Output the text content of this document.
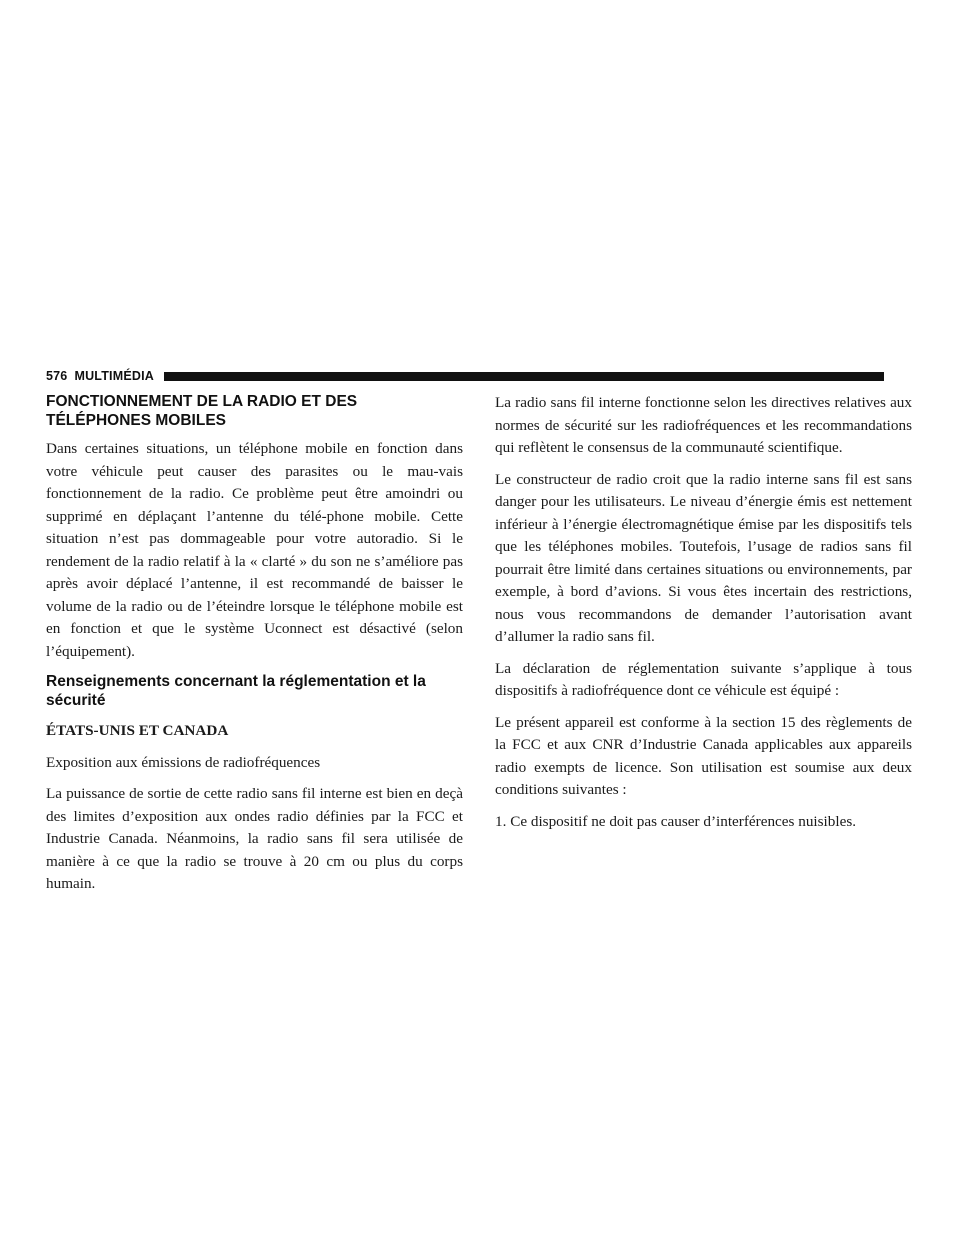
576 MULTIMÉDIA
FONCTIONNEMENT DE LA RADIO ET DES TÉLÉPHONES MOBILES

Dans certaines situations, un téléphone mobile en fonction dans votre véhicule peut causer des parasites ou le mau-vais fonctionnement de la radio. Ce problème peut être amoindri ou supprimé en déplaçant l’antenne du télé-phone mobile. Cette situation n’est pas dommageable pour votre autoradio. Si le rendement de la radio relatif à la « clarté » du son ne s’améliore pas après avoir déplacé l’antenne, il est recommandé de baisser le volume de la radio ou de l’éteindre lorsque le téléphone mobile est en fonction et que le système Uconnect est désactivé (selon l’équipement).

Renseignements concernant la réglementation et la sécurité

ÉTATS-UNIS ET CANADA

Exposition aux émissions de radiofréquences

La puissance de sortie de cette radio sans fil interne est bien en deçà des limites d’exposition aux ondes radio définies par la FCC et Industrie Canada. Néanmoins, la radio sans fil sera utilisée de manière à ce que la radio se trouve à 20 cm ou plus du corps humain.

La radio sans fil interne fonctionne selon les directives relatives aux normes de sécurité sur les radiofréquences et les recommandations qui reflètent le consensus de la communauté scientifique.

Le constructeur de radio croit que la radio interne sans fil est sans danger pour les utilisateurs. Le niveau d’énergie émis est nettement inférieur à l’énergie électromagnétique émise par les dispositifs tels que les téléphones mobiles. Toutefois, l’usage de radios sans fil pourrait être limité dans certaines situations ou environnements, par exemple, à bord d’avions. Si vous êtes incertain des restrictions, nous vous recommandons de demander l’autorisation avant d’allumer la radio sans fil.

La déclaration de réglementation suivante s’applique à tous dispositifs à radiofréquence dont ce véhicule est équipé :

Le présent appareil est conforme à la section 15 des règlements de la FCC et aux CNR d’Industrie Canada applicables aux appareils radio exempts de licence. Son utilisation est soumise aux deux conditions suivantes :

1. Ce dispositif ne doit pas causer d’interférences nuisibles.
